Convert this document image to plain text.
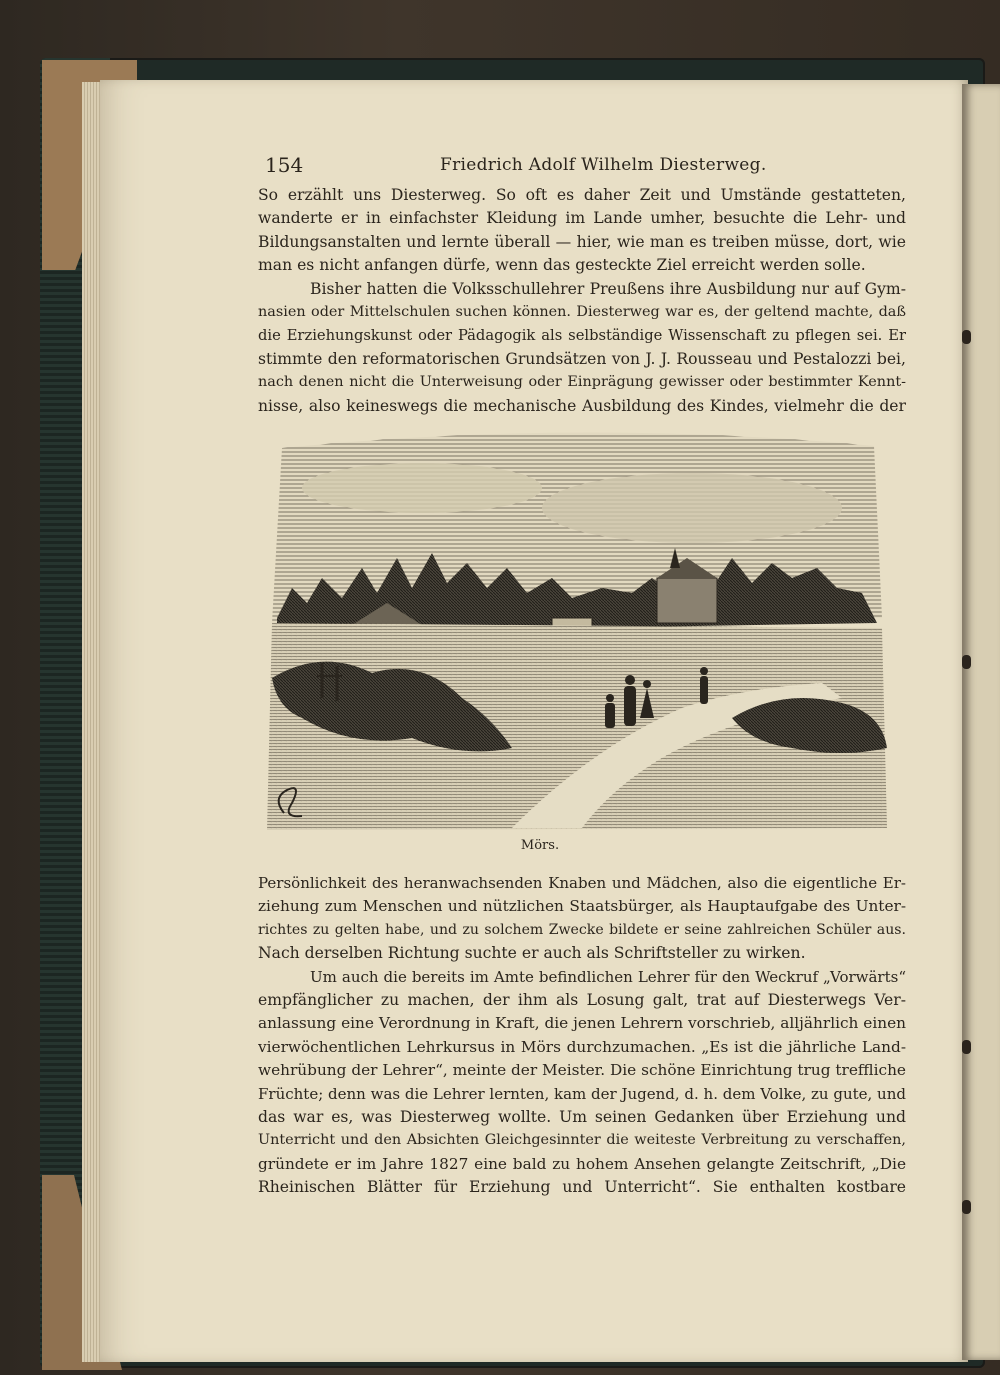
154	Friedrich Adolf Wilhelm Diesterweg.
So erzählt uns Diesterweg. So oft es daher Zeit und Umstände gestatteten,
wanderte er in einfachster Kleidung im Lande umher, besuchte die Lehr- und
Bildungsanstalten und lernte überall — hier, wie man es treiben müsse, dort, wie
man es nicht anfangen dürfe, wenn das gesteckte Ziel erreicht werden solle.
Bisher hatten die Volksschullehrer Preußens ihre Ausbildung nur auf Gym-
nasien oder Mittelschulen suchen können. Diesterweg war es, der geltend machte, daß
die Erziehungskunst oder Pädagogik als selbständige Wissenschaft zu pflegen sei. Er
stimmte den reformatorischen Grundsätzen von J. J. Rousseau und Pestalozzi bei,
nach denen nicht die Unterweisung oder Einprägung gewisser oder bestimmter Kennt-
nisse, also keineswegs die mechanische Ausbildung des Kindes, vielmehr die der
Mörs.
Persönlichkeit des heranwachsenden Knaben und Mädchen, also die eigentliche Er-
ziehung zum Menschen und nützlichen Staatsbürger, als Hauptaufgabe des Unter-
richtes zu gelten habe, und zu solchem Zwecke bildete er seine zahlreichen Schüler aus.
Nach derselben Richtung suchte er auch als Schriftsteller zu wirken.
Um auch die bereits im Amte befindlichen Lehrer für den Weckruf „Vorwärts“
empfänglicher zu machen, der ihm als Losung galt, trat auf Diesterwegs Ver-
anlassung eine Verordnung in Kraft, die jenen Lehrern vorschrieb, alljährlich einen
vierwöchentlichen Lehrkursus in Mörs durchzumachen. „Es ist die jährliche Land-
wehrübung der Lehrer“, meinte der Meister. Die schöne Einrichtung trug treffliche
Früchte; denn was die Lehrer lernten, kam der Jugend, d. h. dem Volke, zu gute, und
das war es, was Diesterweg wollte. Um seinen Gedanken über Erziehung und
Unterricht und den Absichten Gleichgesinnter die weiteste Verbreitung zu verschaffen,
gründete er im Jahre 1827 eine bald zu hohem Ansehen gelangte Zeitschrift, „Die
Rheinischen Blätter für Erziehung und Unterricht“. Sie enthalten kostbare
